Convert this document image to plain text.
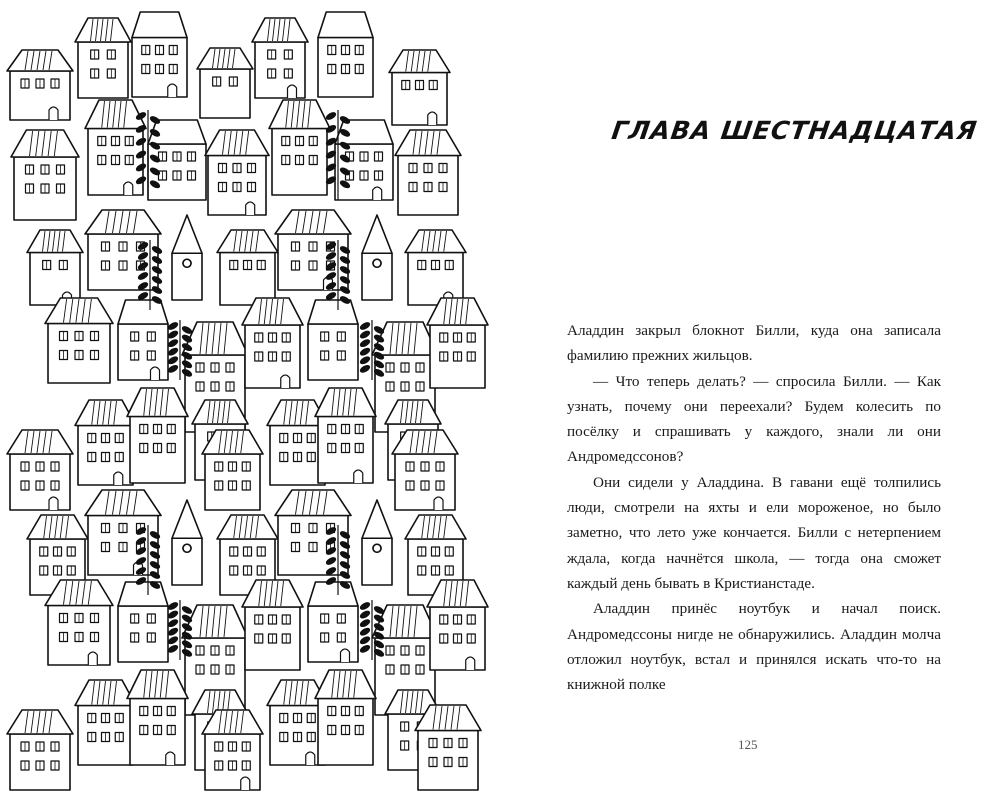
ГЛАВА ШЕСТНАДЦАТАЯ

Аладдин закрыл блокнот Билли, куда она записала фамилию прежних жильцов.

— Что теперь делать? — спросила Билли. — Как узнать, почему они переехали? Будем колесить по посёлку и спрашивать у каждого, знали ли они Андромедссонов?

Они сидели у Аладдина. В гавани ещё толпились люди, смотрели на яхты и ели мороженое, но было заметно, что лето уже кончается. Билли с нетерпением ждала, когда начнётся школа, — тогда она сможет каждый день бывать в Кристианстаде.

Аладдин принёс ноутбук и начал поиск. Андромедссоны нигде не обнаружились. Аладдин молча отложил ноутбук, встал и принялся искать что-то на книжной полке

125
